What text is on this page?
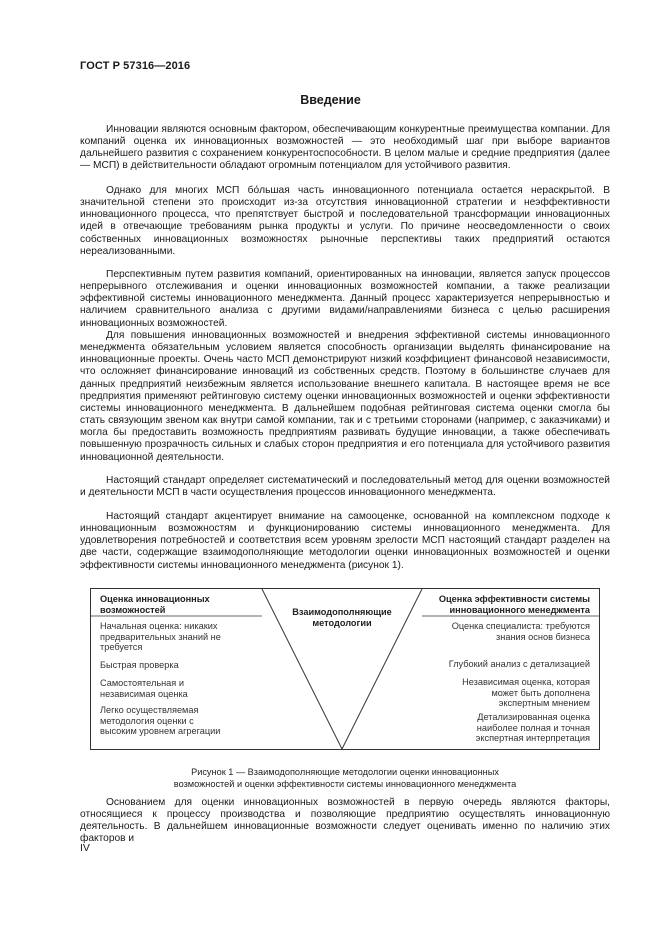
ГОСТ Р 57316—2016
Введение

Инновации являются основным фактором, обеспечивающим конкурентные преимущества компании. Для компаний оценка их инновационных возможностей — это необходимый шаг при выборе вариантов дальнейшего развития с сохранением конкурентоспособности. В целом малые и средние предприятия (далее — МСП) в действительности обладают огромным потенциалом для устойчивого развития.

Однако для многих МСП бо́льшая часть инновационного потенциала остается нераскрытой. В значительной степени это происходит из-за отсутствия инновационной стратегии и неэффективности инновационного процесса, что препятствует быстрой и последовательной трансформации инновационных идей в отвечающие требованиям рынка продукты и услуги. По причине неосведомленности о своих собственных инновационных возможностях рыночные перспективы таких предприятий остаются нереализованными.

Перспективным путем развития компаний, ориентированных на инновации, является запуск процессов непрерывного отслеживания и оценки инновационных возможностей компании, а также реализации эффективной системы инновационного менеджмента. Данный процесс характеризуется непрерывностью и наличием сравнительного анализа с другими видами/направлениями бизнеса с целью расширения инновационных возможностей.

Для повышения инновационных возможностей и внедрения эффективной системы инновационного менеджмента обязательным условием является способность организации выделять финансирование на инновационные проекты. Очень часто МСП демонстрируют низкий коэффициент финансовой независимости, что осложняет финансирование инноваций из собственных средств. Поэтому в большинстве случаев для данных предприятий неизбежным является использование внешнего капитала. В настоящее время не все предприятия применяют рейтинговую систему оценки инновационных возможностей и оценки эффективности системы инновационного менеджмента. В дальнейшем подобная рейтинговая система оценки смогла бы стать связующим звеном как внутри самой компании, так и с третьими сторонами (например, с заказчиками) и могла бы предоставить возможность предприятиям развивать будущие инновации, а также обеспечивать повышенную прозрачность сильных и слабых сторон предприятия и его потенциала для устойчивого развития инновационной деятельности.

Настоящий стандарт определяет систематический и последовательный метод для оценки возможностей и деятельности МСП в части осуществления процессов инновационного менеджмента.

Настоящий стандарт акцентирует внимание на самооценке, основанной на комплексном подходе к инновационным возможностям и функционированию системы инновационного менеджмента. Для удовлетворения потребностей и соответствия всем уровням зрелости МСП настоящий стандарт разделен на две части, содержащие взаимодополняющие методологии оценки инновационных возможностей и оценки эффективности системы инновационного менеджмента (рисунок 1).

Оценка инновационных возможностей	Взаимодополняющие методологии
Оценка эффективности системы инновационного менеджмента
Начальная оценка: никаких предварительных знаний не требуется
Быстрая проверка
Самостоятельная и независимая оценка
Легко осуществляемая методология оценки с высоким уровнем агрегации
Оценка специалиста: требуются знания основ бизнеса
Глубокий анализ с детализацией
Независимая оценка, которая может быть дополнена экспертным мнением
Детализированная оценка наиболее полная и точная экспертная интерпретация
Рисунок 1 — Взаимодополняющие методологии оценки инновационных
возможностей и оценки эффективности системы инновационного менеджмента

Основанием для оценки инновационных возможностей в первую очередь являются факторы, относящиеся к процессу производства и позволяющие предприятию осуществлять инновационную деятельность. В дальнейшем инновационные возможности следует оценивать именно по наличию этих факторов и

IV
